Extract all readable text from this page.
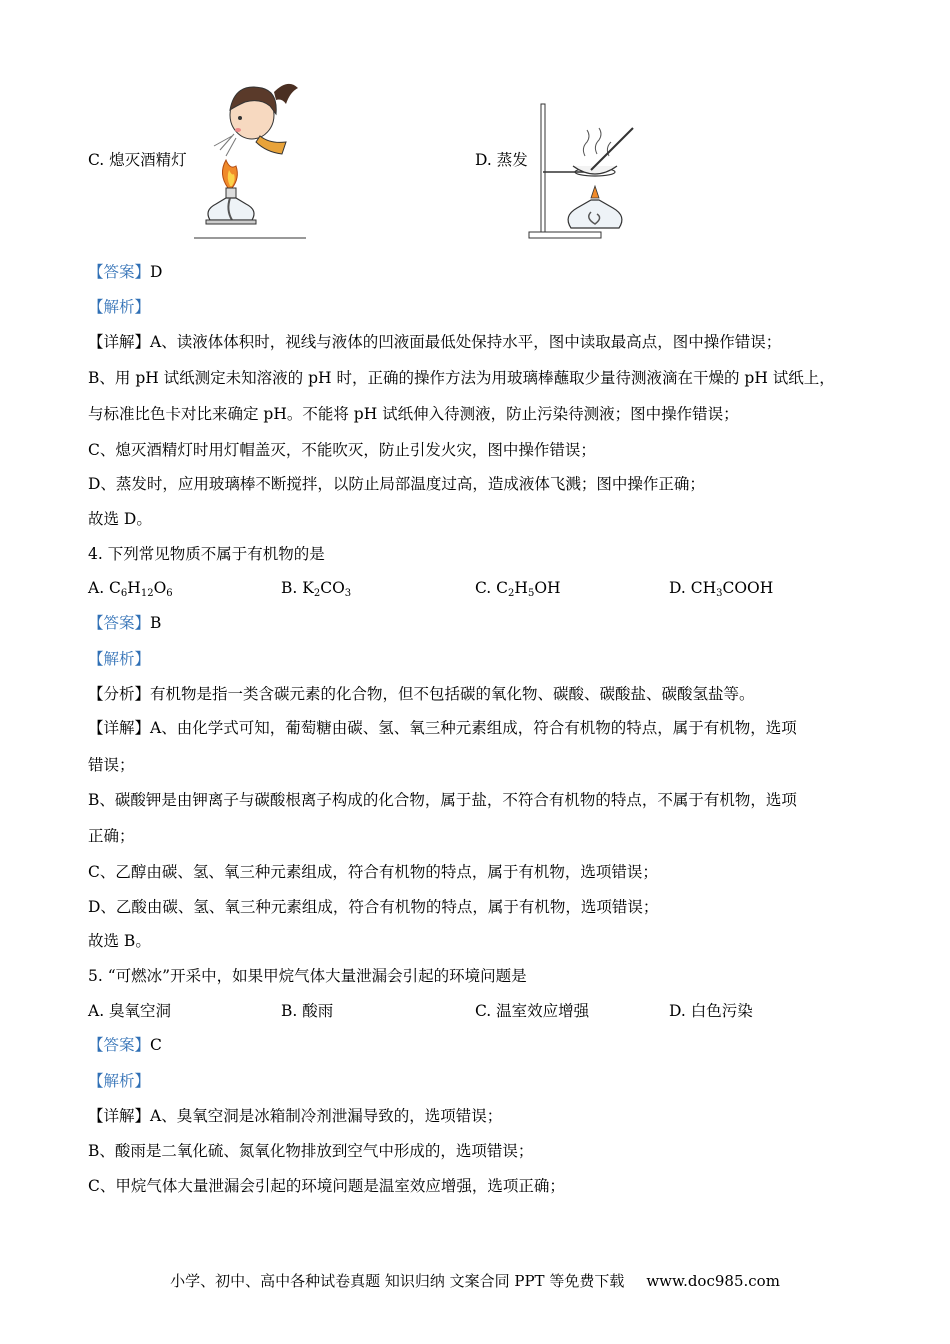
C. 熄灭酒精灯	D. 蒸发
【答案】D
【解析】
【详解】A、读液体体积时，视线与液体的凹液面最低处保持水平，图中读取最高点，图中操作错误；
B、用 pH 试纸测定未知溶液的 pH 时，正确的操作方法为用玻璃棒蘸取少量待测液滴在干燥的 pH 试纸上，
与标准比色卡对比来确定 pH。不能将 pH 试纸伸入待测液，防止污染待测液；图中操作错误；
C、熄灭酒精灯时用灯帽盖灭，不能吹灭，防止引发火灾，图中操作错误；
D、蒸发时，应用玻璃棒不断搅拌，以防止局部温度过高，造成液体飞溅；图中操作正确；
故选 D。
4. 下列常见物质不属于有机物的是
A. $C_6H_{12}O_6$	B. $K_2CO_3$	C. $C_2H_5OH$	D. $CH_3COOH$
【答案】B
【解析】
【分析】有机物是指一类含碳元素的化合物，但不包括碳的氧化物、碳酸、碳酸盐、碳酸氢盐等。
【详解】A、由化学式可知，葡萄糖由碳、氢、氧三种元素组成，符合有机物的特点，属于有机物，选项
错误；
B、碳酸钾是由钾离子与碳酸根离子构成的化合物，属于盐，不符合有机物的特点，不属于有机物，选项
正确；
C、乙醇由碳、氢、氧三种元素组成，符合有机物的特点，属于有机物，选项错误；
D、乙酸由碳、氢、氧三种元素组成，符合有机物的特点，属于有机物，选项错误；
故选 B。
5. “可燃冰”开采中，如果甲烷气体大量泄漏会引起的环境问题是
A. 臭氧空洞	B. 酸雨	C. 温室效应增强	D. 白色污染
【答案】C
【解析】
【详解】A、臭氧空洞是冰箱制冷剂泄漏导致的，选项错误；
B、酸雨是二氧化硫、氮氧化物排放到空气中形成的，选项错误；
C、甲烷气体大量泄漏会引起的环境问题是温室效应增强，选项正确；
小学、初中、高中各种试卷真题 知识归纳 文案合同 PPT 等免费下载 www.doc985.com
